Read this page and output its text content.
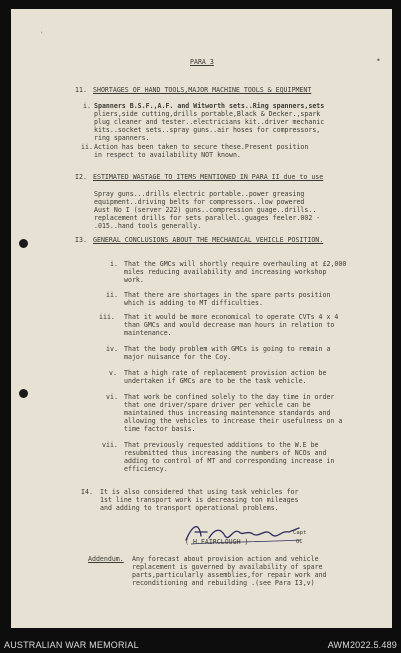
'
•
PARA 3
11. SHORTAGES OF HAND TOOLS,MAJOR MACHINE TOOLS & EQUIPMENT
i. Spanners B.S.F.,A.F. and Witworth sets..Ring spanners,sets
pliers,side cutting,drills portable,Black & Decker.,spark
plug cleaner and tester..electricians kit..driver mechanic
kits..socket sets..spray guns..air hoses for compressors,
ring spanners.
ii. Action has been taken to secure these.Present position
in respect to availability NOT known.
I2. ESTIMATED WASTAGE TO ITEMS MENTIONED IN PARA II due to use
Spray guns...drills electric portable..power greasing
equipment..driving belts for compressors..low powered
Aust No I (server 222) guns..compression guage..drills..
replacement drills for sets parallel..guages feeler.002 -
.015..hand tools generally.
I3. GENERAL CONCLUSIONS ABOUT THE MECHANICAL VEHICLE POSITION.
i. That the GMCs will shortly require overhauling at £2,000
miles reducing availability and increasing workshop
work.
ii. That there are shortages in the spare parts position
which is adding to MT difficulties.
iii. That it would be more economical to operate CVTs 4 x 4
than GMCs and would decrease man hours in relation to
maintenance.
iv. That the body problem with GMCs is going to remain a
major nuisance for the Coy.
v. That a high rate of replacement provision action be
undertaken if GMCs are to be the task vehicle.
vi. That work be confined solely to the day time in order
that one driver/spare driver per vehicle can be
maintained thus increasing maintenance standards and
allowing the vehicles to increase their usefulness on a
time factor basis.
vii. That previously requested additions to the W.E be
resubmitted thus increasing the numbers of NCOs and
adding to control of MT and corresponding increase in
efficiency.
I4. It is also considered that using task vehicles for
1st line transport work is decreasing ton mileages
and adding to transport operational problems.
( H.FAIRCLOUGH )
Capt
OC
Addendum. Any forecast about provision action and vehicle
replacement is governed by availability of spare
parts,particularly assemblies,for repair work and
reconditioning and rebuilding .(see Para I3,v)
AUSTRALIAN WAR MEMORIAL	AWM2022.5.489
